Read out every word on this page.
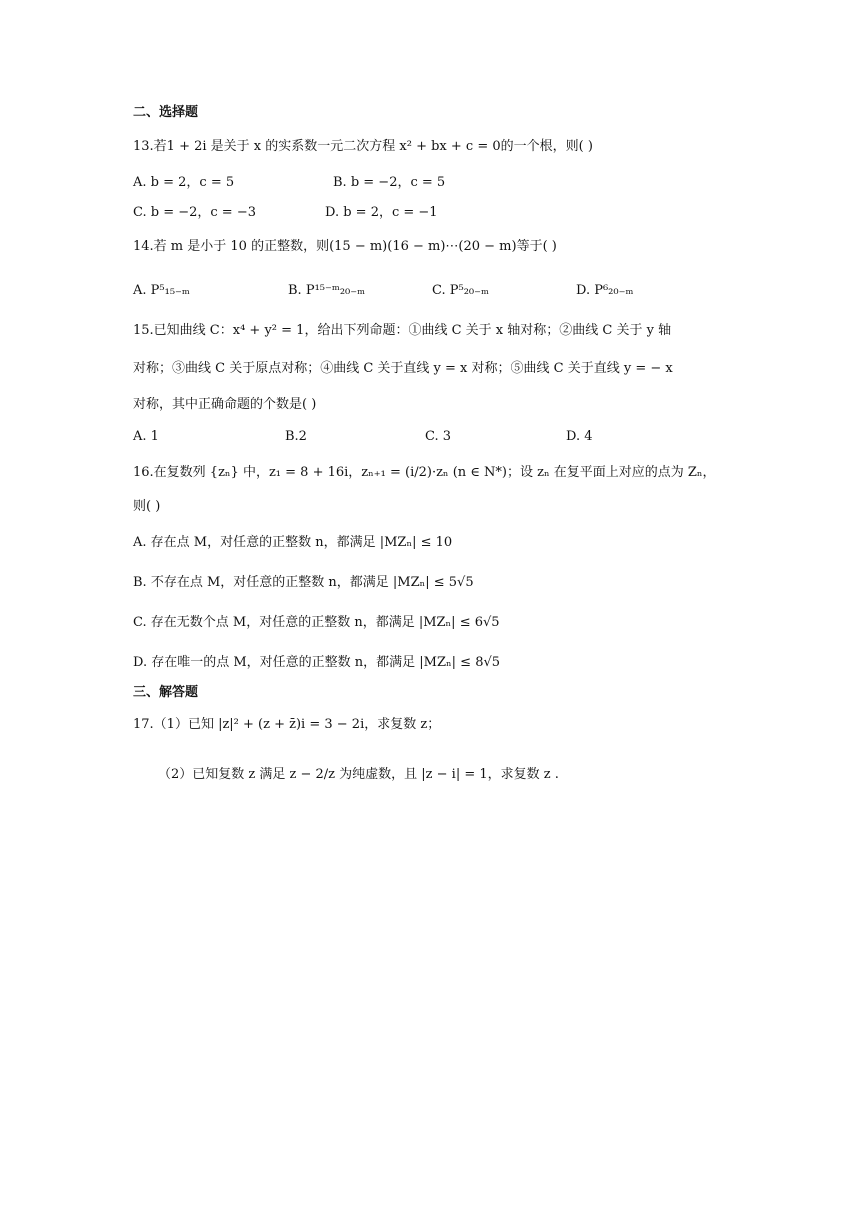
二、选择题
13.若1 + 2i 是关于 x 的实系数一元二次方程 x² + bx + c = 0的一个根，则( )
A. b = 2，c = 5	B. b = −2，c = 5
C. b = −2，c = −3	D. b = 2，c = −1
14.若 m 是小于 10 的正整数，则(15 − m)(16 − m)⋯(20 − m)等于( )
A. P⁵₁₅₋ₘ	B. P¹⁵⁻ᵐ₂₀₋ₘ	C. P⁵₂₀₋ₘ	D. P⁶₂₀₋ₘ
15.已知曲线 C：x⁴ + y² = 1，给出下列命题：①曲线 C 关于 x 轴对称；②曲线 C 关于 y 轴
对称；③曲线 C 关于原点对称；④曲线 C 关于直线 y = x 对称；⑤曲线 C 关于直线 y = − x
对称，其中正确命题的个数是( )
A. 1	B.2	C. 3	D. 4
16.在复数列 {zₙ} 中，z₁ = 8 + 16i，zₙ₊₁ = (i/2)·zₙ (n ∈ N*)；设 zₙ 在复平面上对应的点为 Zₙ，
则( )
A. 存在点 M，对任意的正整数 n，都满足 |MZₙ| ≤ 10
B. 不存在点 M，对任意的正整数 n，都满足 |MZₙ| ≤ 5√5
C. 存在无数个点 M，对任意的正整数 n，都满足 |MZₙ| ≤ 6√5
D. 存在唯一的点 M，对任意的正整数 n，都满足 |MZₙ| ≤ 8√5
三、解答题
17.（1）已知 |z|² + (z + z̄)i = 3 − 2i，求复数 z；
（2）已知复数 z 满足 z − 2/z 为纯虚数，且 |z − i| = 1，求复数 z .
